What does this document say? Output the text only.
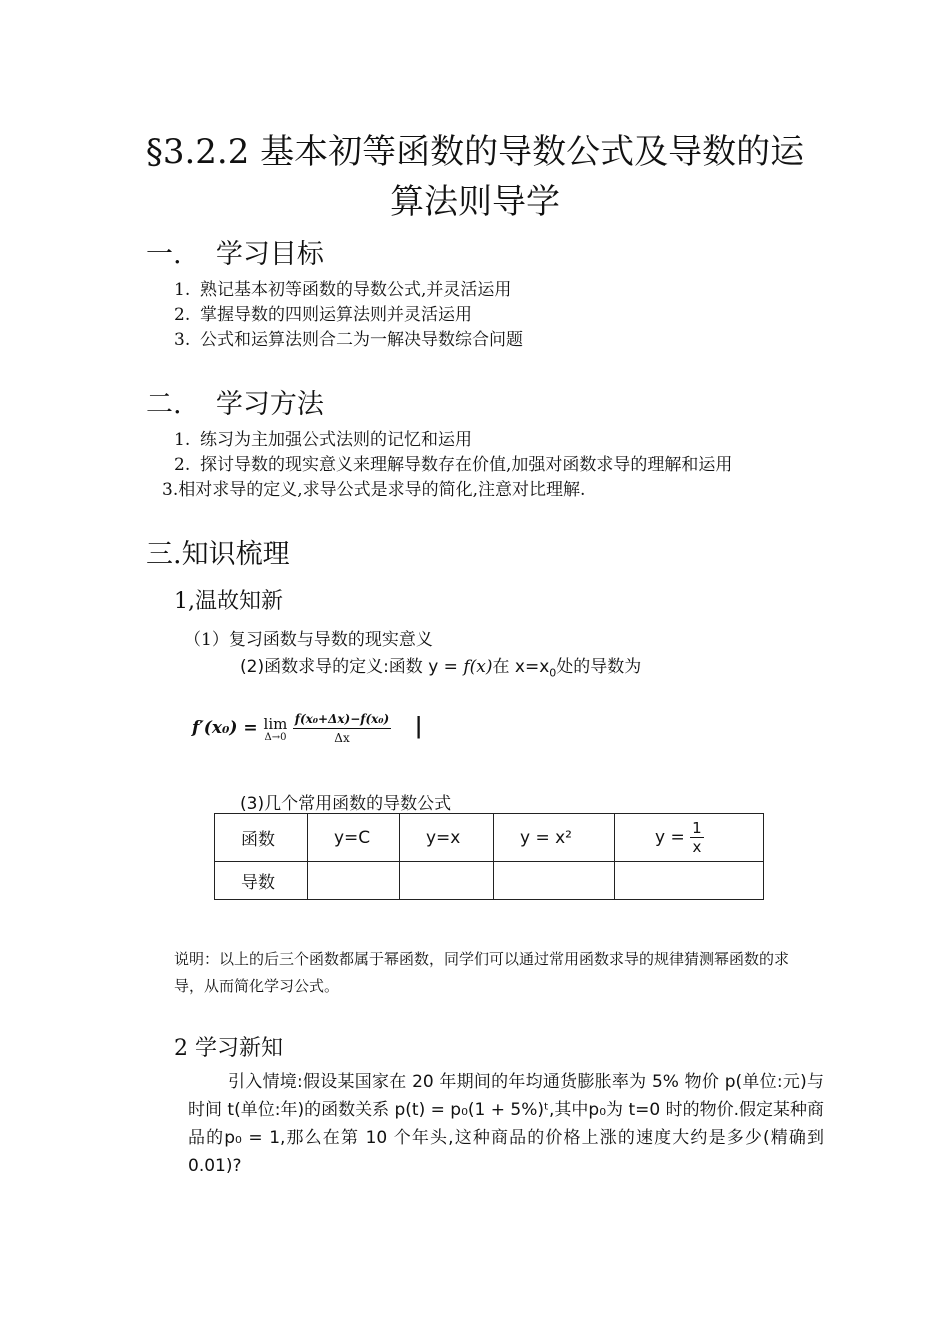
§3.2.2 基本初等函数的导数公式及导数的运
算法则导学
一.    学习目标
1. 熟记基本初等函数的导数公式,并灵活运用
2. 掌握导数的四则运算法则并灵活运用
3. 公式和运算法则合二为一解决导数综合问题
二.    学习方法
1. 练习为主加强公式法则的记忆和运用
2. 探讨导数的现实意义来理解导数存在价值,加强对函数求导的理解和运用
3.相对求导的定义,求导公式是求导的简化,注意对比理解.
三.知识梳理
1,温故知新
（1）复习函数与导数的现实意义
(2)函数求导的定义:函数 y = f(x)在 $x=x_0$处的导数为
f′(x₀) = lim
Δ→0
$\frac{\text{f(x₀+Δx)−f(x₀)}}{\Delta x}$ |
(3)几个常用函数的导数公式
函数	y=C	y=x	y = x²	$y = \frac{1}{x}$

导数				
说明：以上的后三个函数都属于幂函数，同学们可以通过常用函数求导的规律猜测幂函数的求导，从而简化学习公式。
2 学习新知
引入情境:假设某国家在 20 年期间的年均通货膨胀率为 5% 物价 p(单位:元)与时间 t(单位:年)的函数关系 p(t) = p₀(1 + 5%)ᵗ,其中p₀为 t=0 时的物价.假定某种商品的p₀ = 1,那么在第 10 个年头,这种商品的价格上涨的速度大约是多少(精确到 0.01)?
